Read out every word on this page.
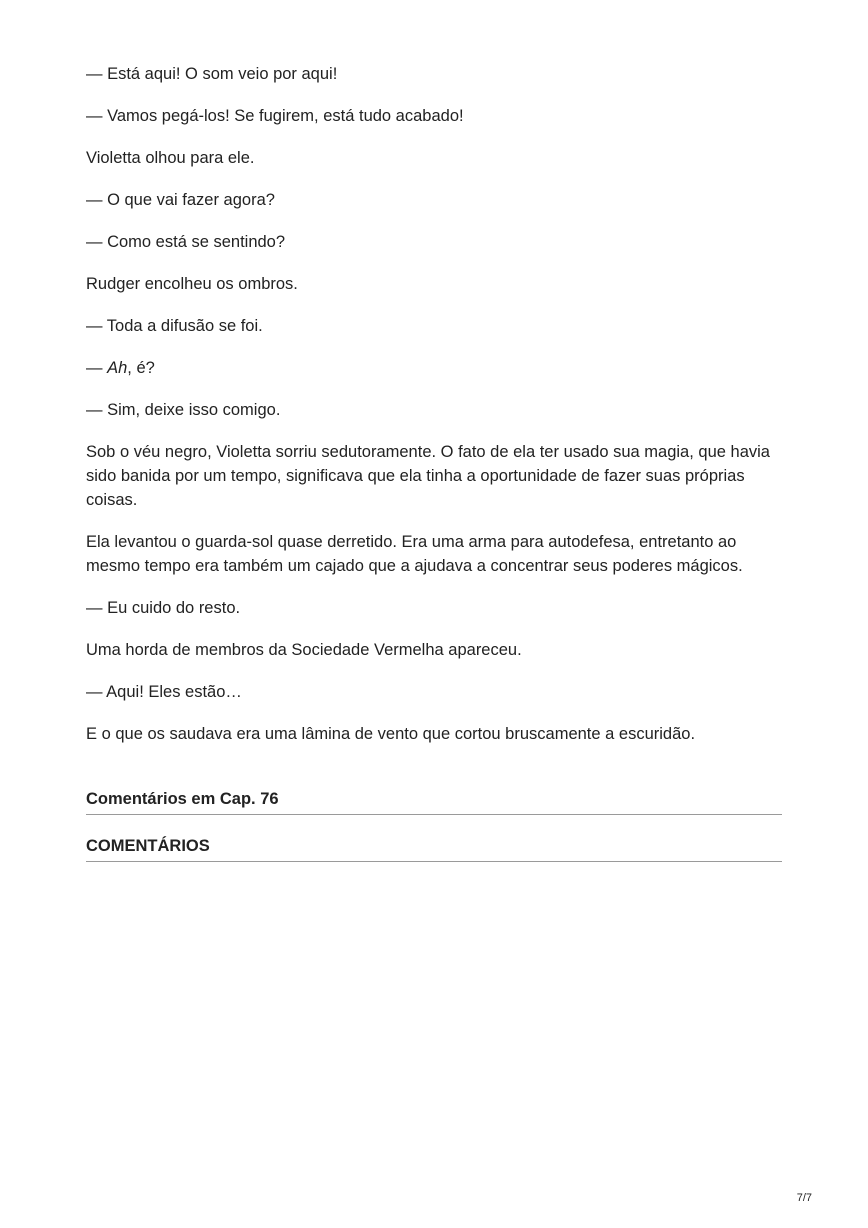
— Está aqui! O som veio por aqui!

— Vamos pegá-los! Se fugirem, está tudo acabado!

Violetta olhou para ele.

— O que vai fazer agora?

— Como está se sentindo?

Rudger encolheu os ombros.

— Toda a difusão se foi.

— Ah, é?

— Sim, deixe isso comigo.

Sob o véu negro, Violetta sorriu sedutoramente. O fato de ela ter usado sua magia, que havia sido banida por um tempo, significava que ela tinha a oportunidade de fazer suas próprias coisas.

Ela levantou o guarda-sol quase derretido. Era uma arma para autodefesa, entretanto ao mesmo tempo era também um cajado que a ajudava a concentrar seus poderes mágicos.

— Eu cuido do resto.

Uma horda de membros da Sociedade Vermelha apareceu.

— Aqui! Eles estão…

E o que os saudava era uma lâmina de vento que cortou bruscamente a escuridão.

Comentários em Cap. 76
COMENTÁRIOS
7/7
